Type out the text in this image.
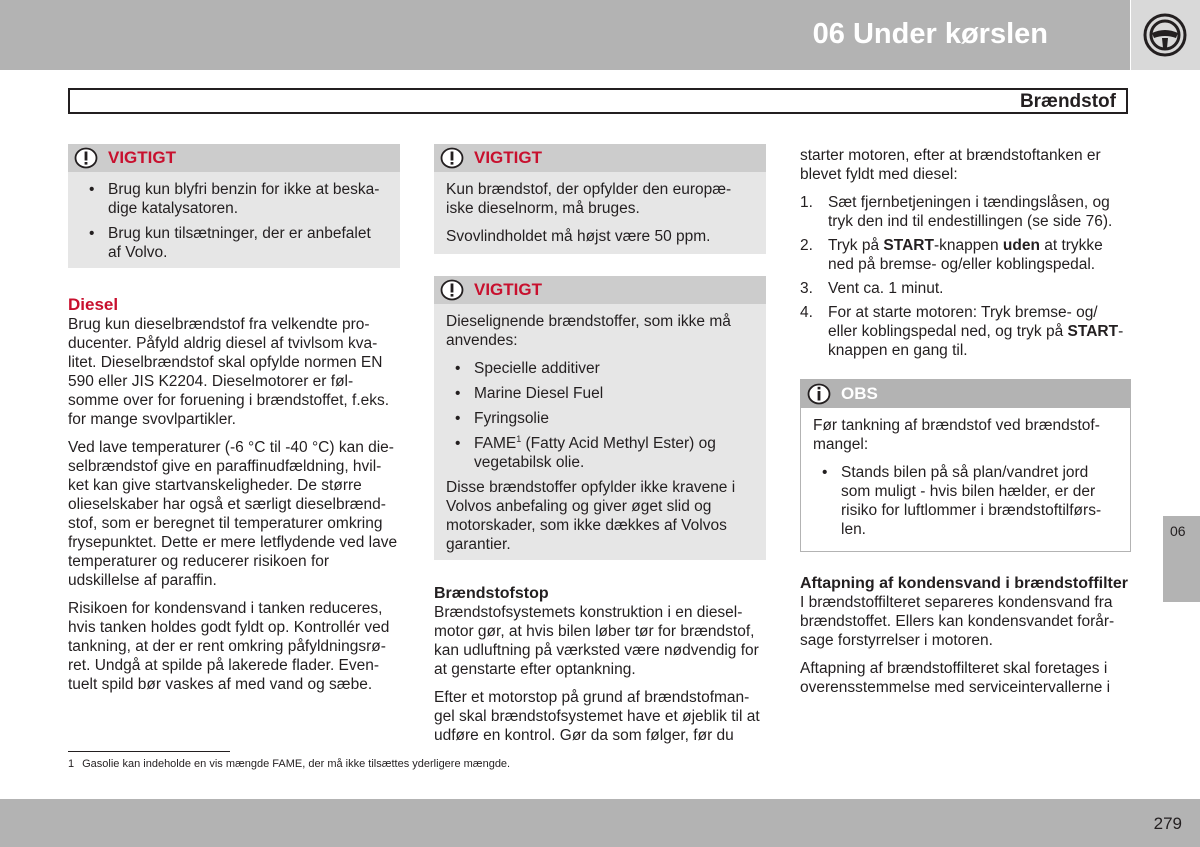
06 Under kørslen
Brændstof
VIGTIGT
• Brug kun blyfri benzin for ikke at beska-dige katalysatoren.
• Brug kun tilsætninger, der er anbefalet af Volvo.
Diesel

Brug kun dieselbrændstof fra velkendte pro-ducenter. Påfyld aldrig diesel af tvivlsom kva-litet. Dieselbrændstof skal opfylde normen EN 590 eller JIS K2204. Dieselmotorer er føl-somme over for foruening i brændstoffet, f.eks. for mange svovlpartikler.

Ved lave temperaturer (-6 °C til -40 °C) kan die-selbrændstof give en paraffinudfældning, hvil-ket kan give startvanskeligheder. De større olieselskaber har også et særligt dieselbrænd-stof, som er beregnet til temperaturer omkring frysepunktet. Dette er mere letflydende ved lave temperaturer og reducerer risikoen for udskillelse af paraffin.

Risikoen for kondensvand i tanken reduceres, hvis tanken holdes godt fyldt op. Kontrollér ved tankning, at der er rent omkring påfyldningsrø-ret. Undgå at spilde på lakerede flader. Even-tuelt spild bør vaskes af med vand og sæbe.

VIGTIGT

Kun brændstof, der opfylder den europæ-iske dieselnorm, må bruges.

Svovlindholdet må højst være 50 ppm.

VIGTIGT

Dieselignende brændstoffer, som ikke må anvendes:

• Specielle additiver
• Marine Diesel Fuel
• Fyringsolie
• FAME$^1$ (Fatty Acid Methyl Ester) og vegetabilsk olie.

Disse brændstoffer opfylder ikke kravene i Volvos anbefaling og giver øget slid og motorskader, som ikke dækkes af Volvos garantier.

Brændstofstop

Brændstofsystemets konstruktion i en diesel-motor gør, at hvis bilen løber tør for brændstof, kan udluftning på værksted være nødvendig for at genstarte efter optankning.

Efter et motorstop på grund af brændstofman-gel skal brændstofsystemet have et øjeblik til at udføre en kontrol. Gør da som følger, før du

starter motoren, efter at brændstoftanken er blevet fyldt med diesel:

1. Sæt fjernbetjeningen i tændingslåsen, og tryk den ind til endestillingen (se side 76).
2. Tryk på START-knappen uden at trykke ned på bremse- og/eller koblingspedal.
3. Vent ca. 1 minut.
4. For at starte motoren: Tryk bremse- og/ eller koblingspedal ned, og tryk på START-knappen en gang til.
OBS

Før tankning af brændstof ved brændstof-mangel:

• Stands bilen på så plan/vandret jord som muligt - hvis bilen hælder, er der risiko for luftlommer i brændstoftilførs-len.
Aftapning af kondensvand i brændstoffilter

I brændstoffilteret separeres kondensvand fra brændstoffet. Ellers kan kondensvandet forår-sage forstyrrelser i motoren.

Aftapning af brændstoffilteret skal foretages i overensstemmelse med serviceintervallerne i

1 Gasolie kan indeholde en vis mængde FAME, der må ikke tilsættes yderligere mængde.
06
279
